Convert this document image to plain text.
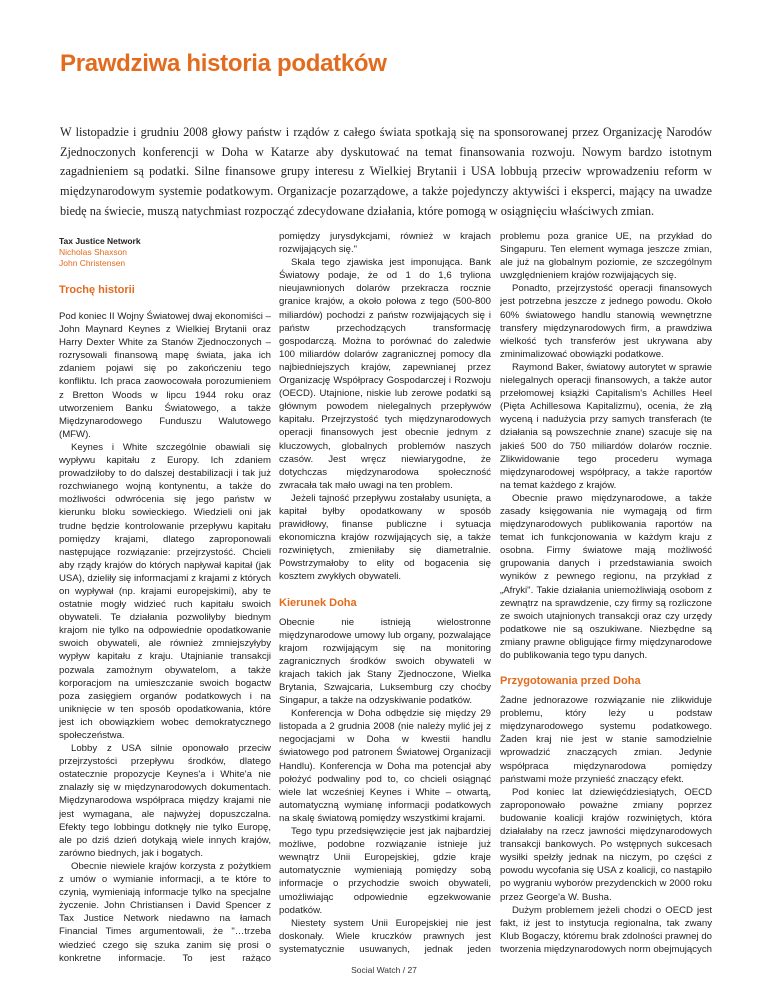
Prawdziwa historia podatków

W listopadzie i grudniu 2008 głowy państw i rządów z całego świata spotkają się na sponsorowanej przez Organizację Narodów Zjednoczonych konferencji w Doha w Katarze aby dyskutować na temat finansowania rozwoju. Nowym bardzo istotnym zagadnieniem są podatki. Silne finansowe grupy interesu z Wielkiej Brytanii i USA lobbują przeciw wprowadzeniu reform w międzynarodowym systemie podatkowym. Organizacje pozarządowe, a także pojedynczy aktywiści i eksperci, mający na uwadze biedę na świecie, muszą natychmiast rozpocząć zdecydowane działania, które pomogą w osiągnięciu właściwych zmian.

Tax Justice Network
Nicholas Shaxson
John Christensen
Trochę historii

Pod koniec II Wojny Światowej dwaj ekonomiści – John Maynard Keynes z Wielkiej Brytanii oraz Harry Dexter White za Stanów Zjednoczonych – rozrysowali finansową mapę świata, jaka ich zdaniem pojawi się po zakończeniu tego konfliktu. Ich praca zaowocowała porozumieniem z Bretton Woods w lipcu 1944 roku oraz utworzeniem Banku Światowego, a także Międzynarodowego Funduszu Walutowego (MFW).

Keynes i White szczególnie obawiali się wypływu kapitału z Europy. Ich zdaniem prowadziłoby to do dalszej destabilizacji i tak już rozchwianego wojną kontynentu, a także do możliwości odwrócenia się jego państw w kierunku bloku sowieckiego. Wiedzieli oni jak trudne będzie kontrolowanie przepływu kapitału pomiędzy krajami, dlatego zaproponowali następujące rozwiązanie: przejrzystość. Chcieli aby rządy krajów do których napływał kapitał (jak USA), dzieliły się informacjami z krajami z których on wypływał (np. krajami europejskimi), aby te ostatnie mogły widzieć ruch kapitału swoich obywateli. Te działania pozwoliłyby biednym krajom nie tylko na odpowiednie opodatkowanie swoich obywateli, ale również zmniejszyłyby wypływ kapitału z kraju. Utajnianie transakcji pozwala zamożnym obywatelom, a także korporacjom na umieszczanie swoich bogactw poza zasięgiem organów podatkowych i na uniknięcie w ten sposób opodatkowania, które jest ich obowiązkiem wobec demokratycznego społeczeństwa.

Lobby z USA silnie oponowało przeciw przejrzystości przepływu środków, dlatego ostatecznie propozycje Keynes'a i White'a nie znalazły się w międzynarodowych dokumentach. Międzynarodowa współpraca między krajami nie jest wymagana, ale najwyżej dopuszczalna. Efekty tego lobbingu dotknęły nie tylko Europę, ale po dziś dzień dotykają wiele innych krajów, zarówno biednych, jak i bogatych.

Obecnie niewiele krajów korzysta z pożytkiem z umów o wymianie informacji, a te które to czynią, wymieniają informacje tylko na specjalne życzenie. John Christiansen i David Spencer z Tax Justice Network niedawno na łamach Financial Times argumentowali, że "…trzeba wiedzieć czego się szuka zanim się prosi o konkretne informacje. To jest rażąco

pomiędzy jurysdykcjami, również w krajach rozwijających się."

Skala tego zjawiska jest imponująca. Bank Światowy podaje, że od 1 do 1,6 tryliona nieujawnionych dolarów przekracza rocznie granice krajów, a około połowa z tego (500-800 miliardów) pochodzi z państw rozwijających się i państw przechodzących transformację gospodarczą. Można to porównać do zaledwie 100 miliardów dolarów zagranicznej pomocy dla najbiedniejszych krajów, zapewnianej przez Organizację Współpracy Gospodarczej i Rozwoju (OECD). Utajnione, niskie lub zerowe podatki są głównym powodem nielegalnych przepływów kapitału. Przejrzystość tych międzynarodowych operacji finansowych jest obecnie jednym z kluczowych, globalnych problemów naszych czasów. Jest wręcz niewiarygodne, że dotychczas międzynarodowa społeczność zwracała tak mało uwagi na ten problem.

Jeżeli tajność przepływu zostałaby usunięta, a kapitał byłby opodatkowany w sposób prawidłowy, finanse publiczne i sytuacja ekonomiczna krajów rozwijających się, a także rozwiniętych, zmieniłaby się diametralnie. Powstrzymałoby to elity od bogacenia się kosztem zwykłych obywateli.

Kierunek Doha

Obecnie nie istnieją wielostronne międzynarodowe umowy lub organy, pozwalające krajom rozwijającym się na monitoring zagranicznych środków swoich obywateli w krajach takich jak Stany Zjednoczone, Wielka Brytania, Szwajcaria, Luksemburg czy choćby Singapur, a także na odzyskiwanie podatków.

Konferencja w Doha odbędzie się między 29 listopada a 2 grudnia 2008 (nie należy mylić jej z negocjacjami w Doha w kwestii handlu światowego pod patronem Światowej Organizacji Handlu). Konferencja w Doha ma potencjał aby położyć podwaliny pod to, co chcieli osiągnąć wiele lat wcześniej Keynes i White – otwartą, automatyczną wymianę informacji podatkowych na skalę światową pomiędzy wszystkimi krajami.

Tego typu przedsięwzięcie jest jak najbardziej możliwe, podobne rozwiązanie istnieje już wewnątrz Unii Europejskiej, gdzie kraje automatycznie wymieniają pomiędzy sobą informacje o przychodzie swoich obywateli, umożliwiając odpowiednie egzekwowanie podatków.

Niestety system Unii Europejskiej nie jest doskonały. Wiele kruczków prawnych jest systematycznie usuwanych, jednak jeden

problemu poza granice UE, na przykład do Singapuru. Ten element wymaga jeszcze zmian, ale już na globalnym poziomie, ze szczególnym uwzględnieniem krajów rozwijających się.

Ponadto, przejrzystość operacji finansowych jest potrzebna jeszcze z jednego powodu. Około 60% światowego handlu stanowią wewnętrzne transfery międzynarodowych firm, a prawdziwa wielkość tych transferów jest ukrywana aby zminimalizować obowiązki podatkowe.

Raymond Baker, światowy autorytet w sprawie nielegalnych operacji finansowych, a także autor przełomowej książki Capitalism's Achilles Heel (Pięta Achillesowa Kapitalizmu), ocenia, że złą wyceną i nadużycia przy samych transferach (te działania są powszechnie znane) szacuje się na jakieś 500 do 750 miliardów dolarów rocznie. Zlikwidowanie tego procederu wymaga międzynarodowej współpracy, a także raportów na temat każdego z krajów.

Obecnie prawo międzynarodowe, a także zasady księgowania nie wymagają od firm międzynarodowych publikowania raportów na temat ich funkcjonowania w każdym kraju z osobna. Firmy światowe mają możliwość grupowania danych i przedstawiania swoich wyników z pewnego regionu, na przykład z „Afryki". Takie działania uniemożliwiają osobom z zewnątrz na sprawdzenie, czy firmy są rozliczone ze swoich utajnionych transakcji oraz czy urzędy podatkowe nie są oszukiwane. Niezbędne są zmiany prawne obligujące firmy międzynarodowe do publikowania tego typu danych.

Przygotowania przed Doha

Żadne jednorazowe rozwiązanie nie zlikwiduje problemu, który leży u podstaw międzynarodowego systemu podatkowego. Żaden kraj nie jest w stanie samodzielnie wprowadzić znaczących zmian. Jedynie współpraca międzynarodowa pomiędzy państwami może przynieść znaczący efekt.

Pod koniec lat dziewięćdziesiątych, OECD zaproponowało poważne zmiany poprzez budowanie koalicji krajów rozwiniętych, która działałaby na rzecz jawności międzynarodowych transakcji bankowych. Po wstępnych sukcesach wysiłki spełzły jednak na niczym, po części z powodu wycofania się USA z koalicji, co nastąpiło po wygraniu wyborów prezydenckich w 2000 roku przez George'a W. Busha.

Dużym problemem jeżeli chodzi o OECD jest fakt, iż jest to instytucja regionalna, tak zwany Klub Bogaczy, któremu brak zdolności prawnej do tworzenia międzynarodowych norm obejmujących

Social Watch / 27
